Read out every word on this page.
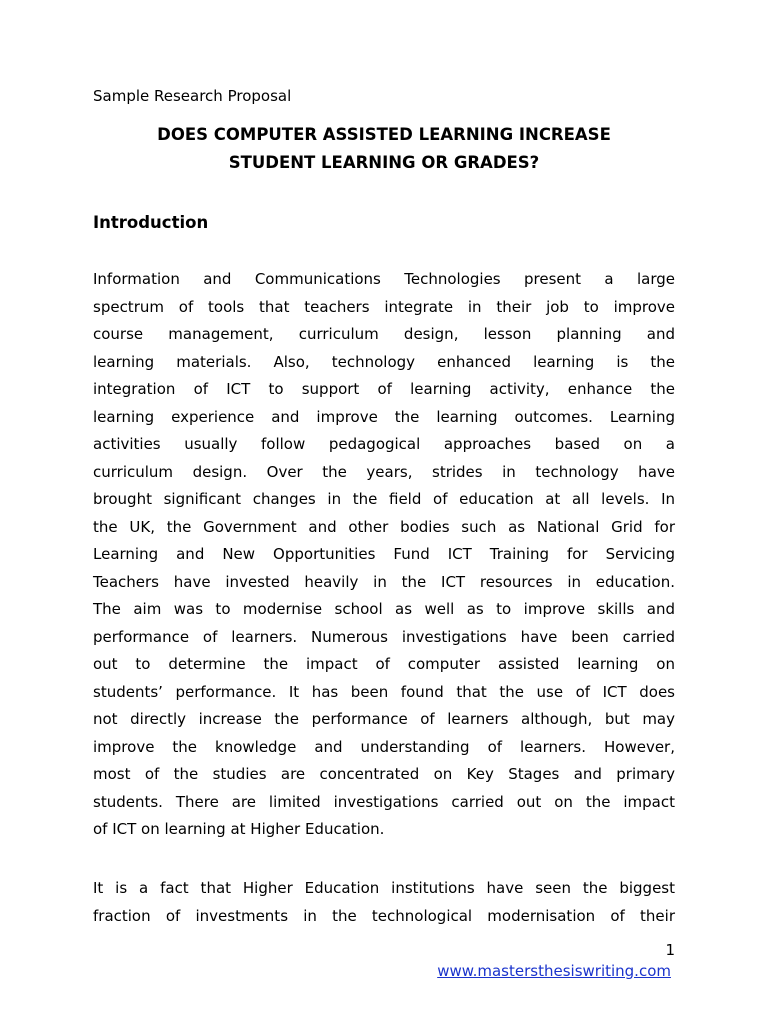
Sample Research Proposal
DOES COMPUTER ASSISTED LEARNING INCREASE
STUDENT LEARNING OR GRADES?
Introduction
Information and Communications Technologies present a large
spectrum of tools that teachers integrate in their job to improve
course management, curriculum design, lesson planning and
learning materials. Also, technology enhanced learning is the
integration of ICT to support of learning activity, enhance the
learning experience and improve the learning outcomes. Learning
activities usually follow pedagogical approaches based on a
curriculum design. Over the years, strides in technology have
brought significant changes in the field of education at all levels. In
the UK, the Government and other bodies such as National Grid for
Learning and New Opportunities Fund ICT Training for Servicing
Teachers have invested heavily in the ICT resources in education.
The aim was to modernise school as well as to improve skills and
performance of learners. Numerous investigations have been carried
out to determine the impact of computer assisted learning on
students’ performance. It has been found that the use of ICT does
not directly increase the performance of learners although, but may
improve the knowledge and understanding of learners. However,
most of the studies are concentrated on Key Stages and primary
students. There are limited investigations carried out on the impact
of ICT on learning at Higher Education.
It is a fact that Higher Education institutions have seen the biggest
fraction of investments in the technological modernisation of their
1
www.mastersthesiswriting.com
